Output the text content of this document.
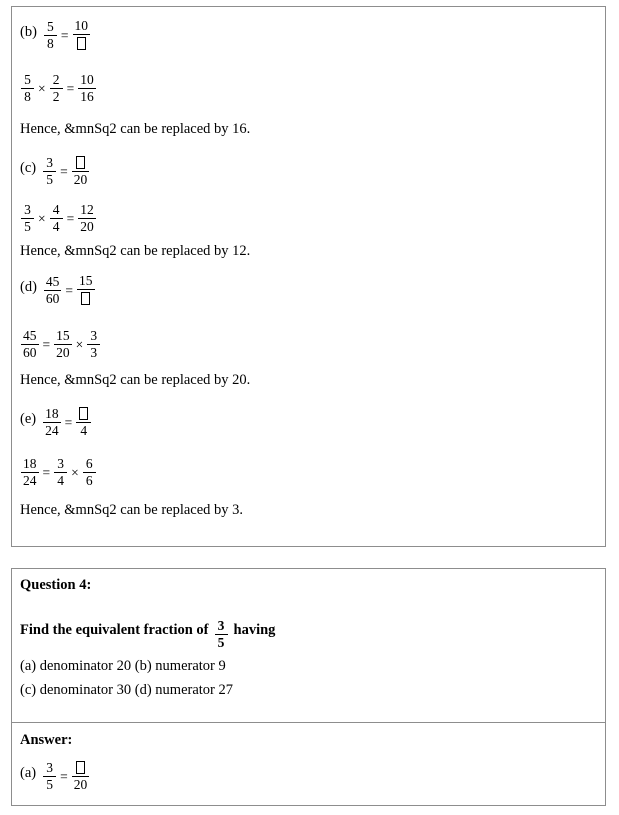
$(b) \frac{5}{8}$ =
10
$\frac{5}{8} \times \frac{2}{2} = \frac{10}{16}$
Hence, &mnSq2 can be replaced by 16.
$(c) \frac{3}{5}$ =
20
$\frac{3}{5} \times \frac{4}{4} = \frac{12}{20}$
Hence, &mnSq2 can be replaced by 12.
$(d) \frac{45}{60}$ =
15
$\frac{45}{60} = \frac{15}{20} \times \frac{3}{3}$
Hence, &mnSq2 can be replaced by 20.
$(e) \frac{18}{24}$ =
4
$\frac{18}{24} = \frac{3}{4} \times \frac{6}{6}$
Hence, &mnSq2 can be replaced by 3.
Question 4:
Find the equivalent fraction of $\frac{3}{5}$ having
(a) denominator 20 (b) numerator 9
(c) denominator 30 (d) numerator 27
Answer:
$(a) \frac{3}{5}$ =
20
